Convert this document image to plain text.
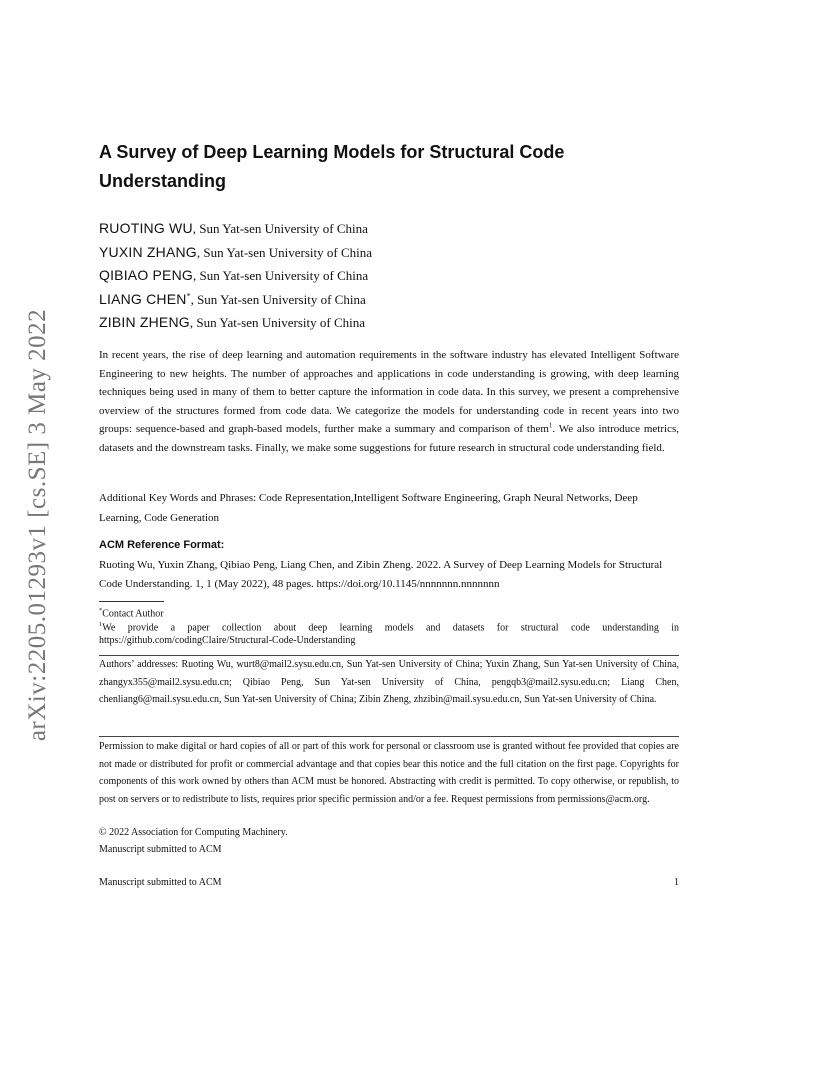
arXiv:2205.01293v1 [cs.SE] 3 May 2022
A Survey of Deep Learning Models for Structural Code Understanding
RUOTING WU, Sun Yat-sen University of China
YUXIN ZHANG, Sun Yat-sen University of China
QIBIAO PENG, Sun Yat-sen University of China
LIANG CHEN*, Sun Yat-sen University of China
ZIBIN ZHENG, Sun Yat-sen University of China

In recent years, the rise of deep learning and automation requirements in the software industry has elevated Intelligent Software Engineering to new heights. The number of approaches and applications in code understanding is growing, with deep learning techniques being used in many of them to better capture the information in code data. In this survey, we present a comprehensive overview of the structures formed from code data. We categorize the models for understanding code in recent years into two groups: sequence-based and graph-based models, further make a summary and comparison of them$^1$. We also introduce metrics, datasets and the downstream tasks. Finally, we make some suggestions for future research in structural code understanding field.

Additional Key Words and Phrases: Code Representation,Intelligent Software Engineering, Graph Neural Networks, Deep Learning, Code Generation

ACM Reference Format:

Ruoting Wu, Yuxin Zhang, Qibiao Peng, Liang Chen, and Zibin Zheng. 2022. A Survey of Deep Learning Models for Structural Code Understanding. 1, 1 (May 2022), 48 pages. https://doi.org/10.1145/nnnnnnn.nnnnnnn

*Contact Author

$^1$We provide a paper collection about deep learning models and datasets for structural code understanding in https://github.com/codingClaire/Structural-Code-Understanding

Authors’ addresses: Ruoting Wu, wurt8@mail2.sysu.edu.cn, Sun Yat-sen University of China; Yuxin Zhang, Sun Yat-sen University of China, zhangyx355@mail2.sysu.edu.cn; Qibiao Peng, Sun Yat-sen University of China, pengqb3@mail2.sysu.edu.cn; Liang Chen, chenliang6@mail.sysu.edu.cn, Sun Yat-sen University of China; Zibin Zheng, zhzibin@mail.sysu.edu.cn, Sun Yat-sen University of China.

Permission to make digital or hard copies of all or part of this work for personal or classroom use is granted without fee provided that copies are not made or distributed for profit or commercial advantage and that copies bear this notice and the full citation on the first page. Copyrights for components of this work owned by others than ACM must be honored. Abstracting with credit is permitted. To copy otherwise, or republish, to post on servers or to redistribute to lists, requires prior specific permission and/or a fee. Request permissions from permissions@acm.org.

© 2022 Association for Computing Machinery.

Manuscript submitted to ACM

Manuscript submitted to ACM	1
